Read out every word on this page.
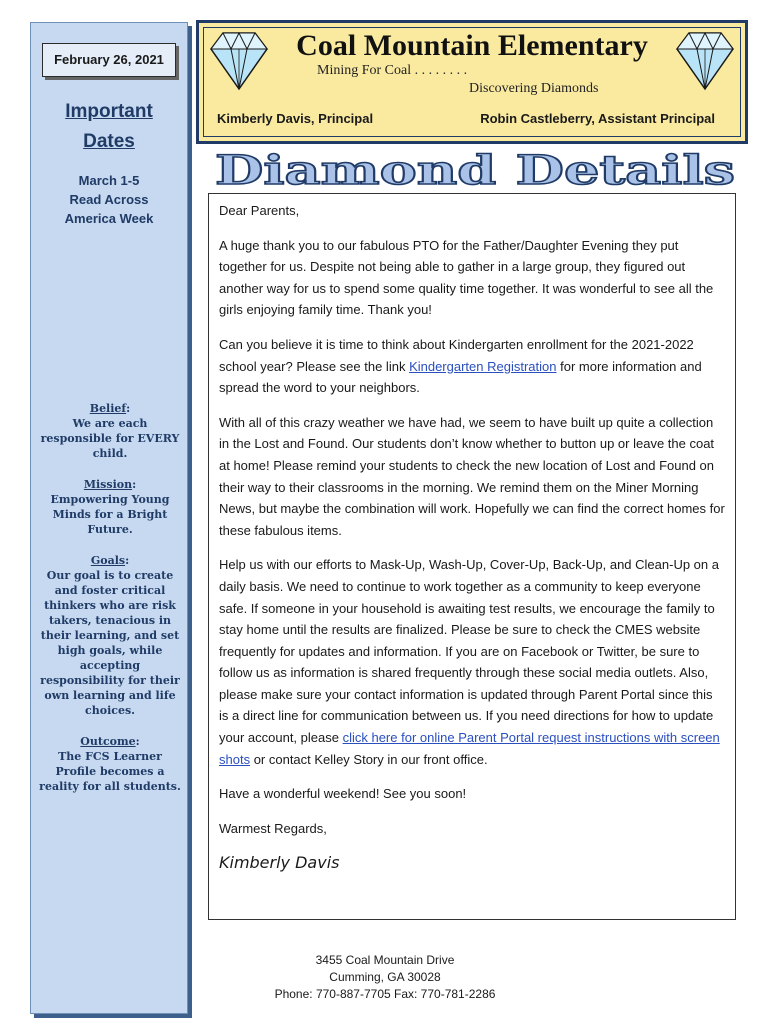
February 26, 2021
Important
Dates
March 1-5
Read Across
America Week
Belief:
We are each responsible for EVERY child.
Mission:
Empowering Young Minds for a Bright Future.
Goals:
Our goal is to create and foster critical thinkers who are risk takers, tenacious in their learning, and set high goals, while accepting responsibility for their own learning and life choices.
Outcome:
The FCS Learner Profile becomes a reality for all students.
Coal Mountain Elementary
Mining For Coal . . . . . . . .
Discovering Diamonds
Kimberly Davis, Principal	Robin Castleberry, Assistant Principal
Diamond Details

Dear Parents,

A huge thank you to our fabulous PTO for the Father/Daughter Evening they put together for us. Despite not being able to gather in a large group, they figured out another way for us to spend some quality time together. It was wonderful to see all the girls enjoying family time. Thank you!

Can you believe it is time to think about Kindergarten enrollment for the 2021-2022 school year? Please see the link Kindergarten Registration for more information and spread the word to your neighbors.

With all of this crazy weather we have had, we seem to have built up quite a collection in the Lost and Found. Our students don’t know whether to button up or leave the coat at home! Please remind your students to check the new location of Lost and Found on their way to their classrooms in the morning. We remind them on the Miner Morning News, but maybe the combination will work. Hopefully we can find the correct homes for these fabulous items.

Help us with our efforts to Mask-Up, Wash-Up, Cover-Up, Back-Up, and Clean-Up on a daily basis. We need to continue to work together as a community to keep everyone safe. If someone in your household is awaiting test results, we encourage the family to stay home until the results are finalized. Please be sure to check the CMES website frequently for updates and information. If you are on Facebook or Twitter, be sure to follow us as information is shared frequently through these social media outlets. Also, please make sure your contact information is updated through Parent Portal since this is a direct line for communication between us. If you need directions for how to update your account, please click here for online Parent Portal request instructions with screen shots or contact Kelley Story in our front office.

Have a wonderful weekend! See you soon!

Warmest Regards,

Kimberly Davis
3455 Coal Mountain Drive
Cumming, GA 30028
Phone: 770-887-7705 Fax: 770-781-2286
